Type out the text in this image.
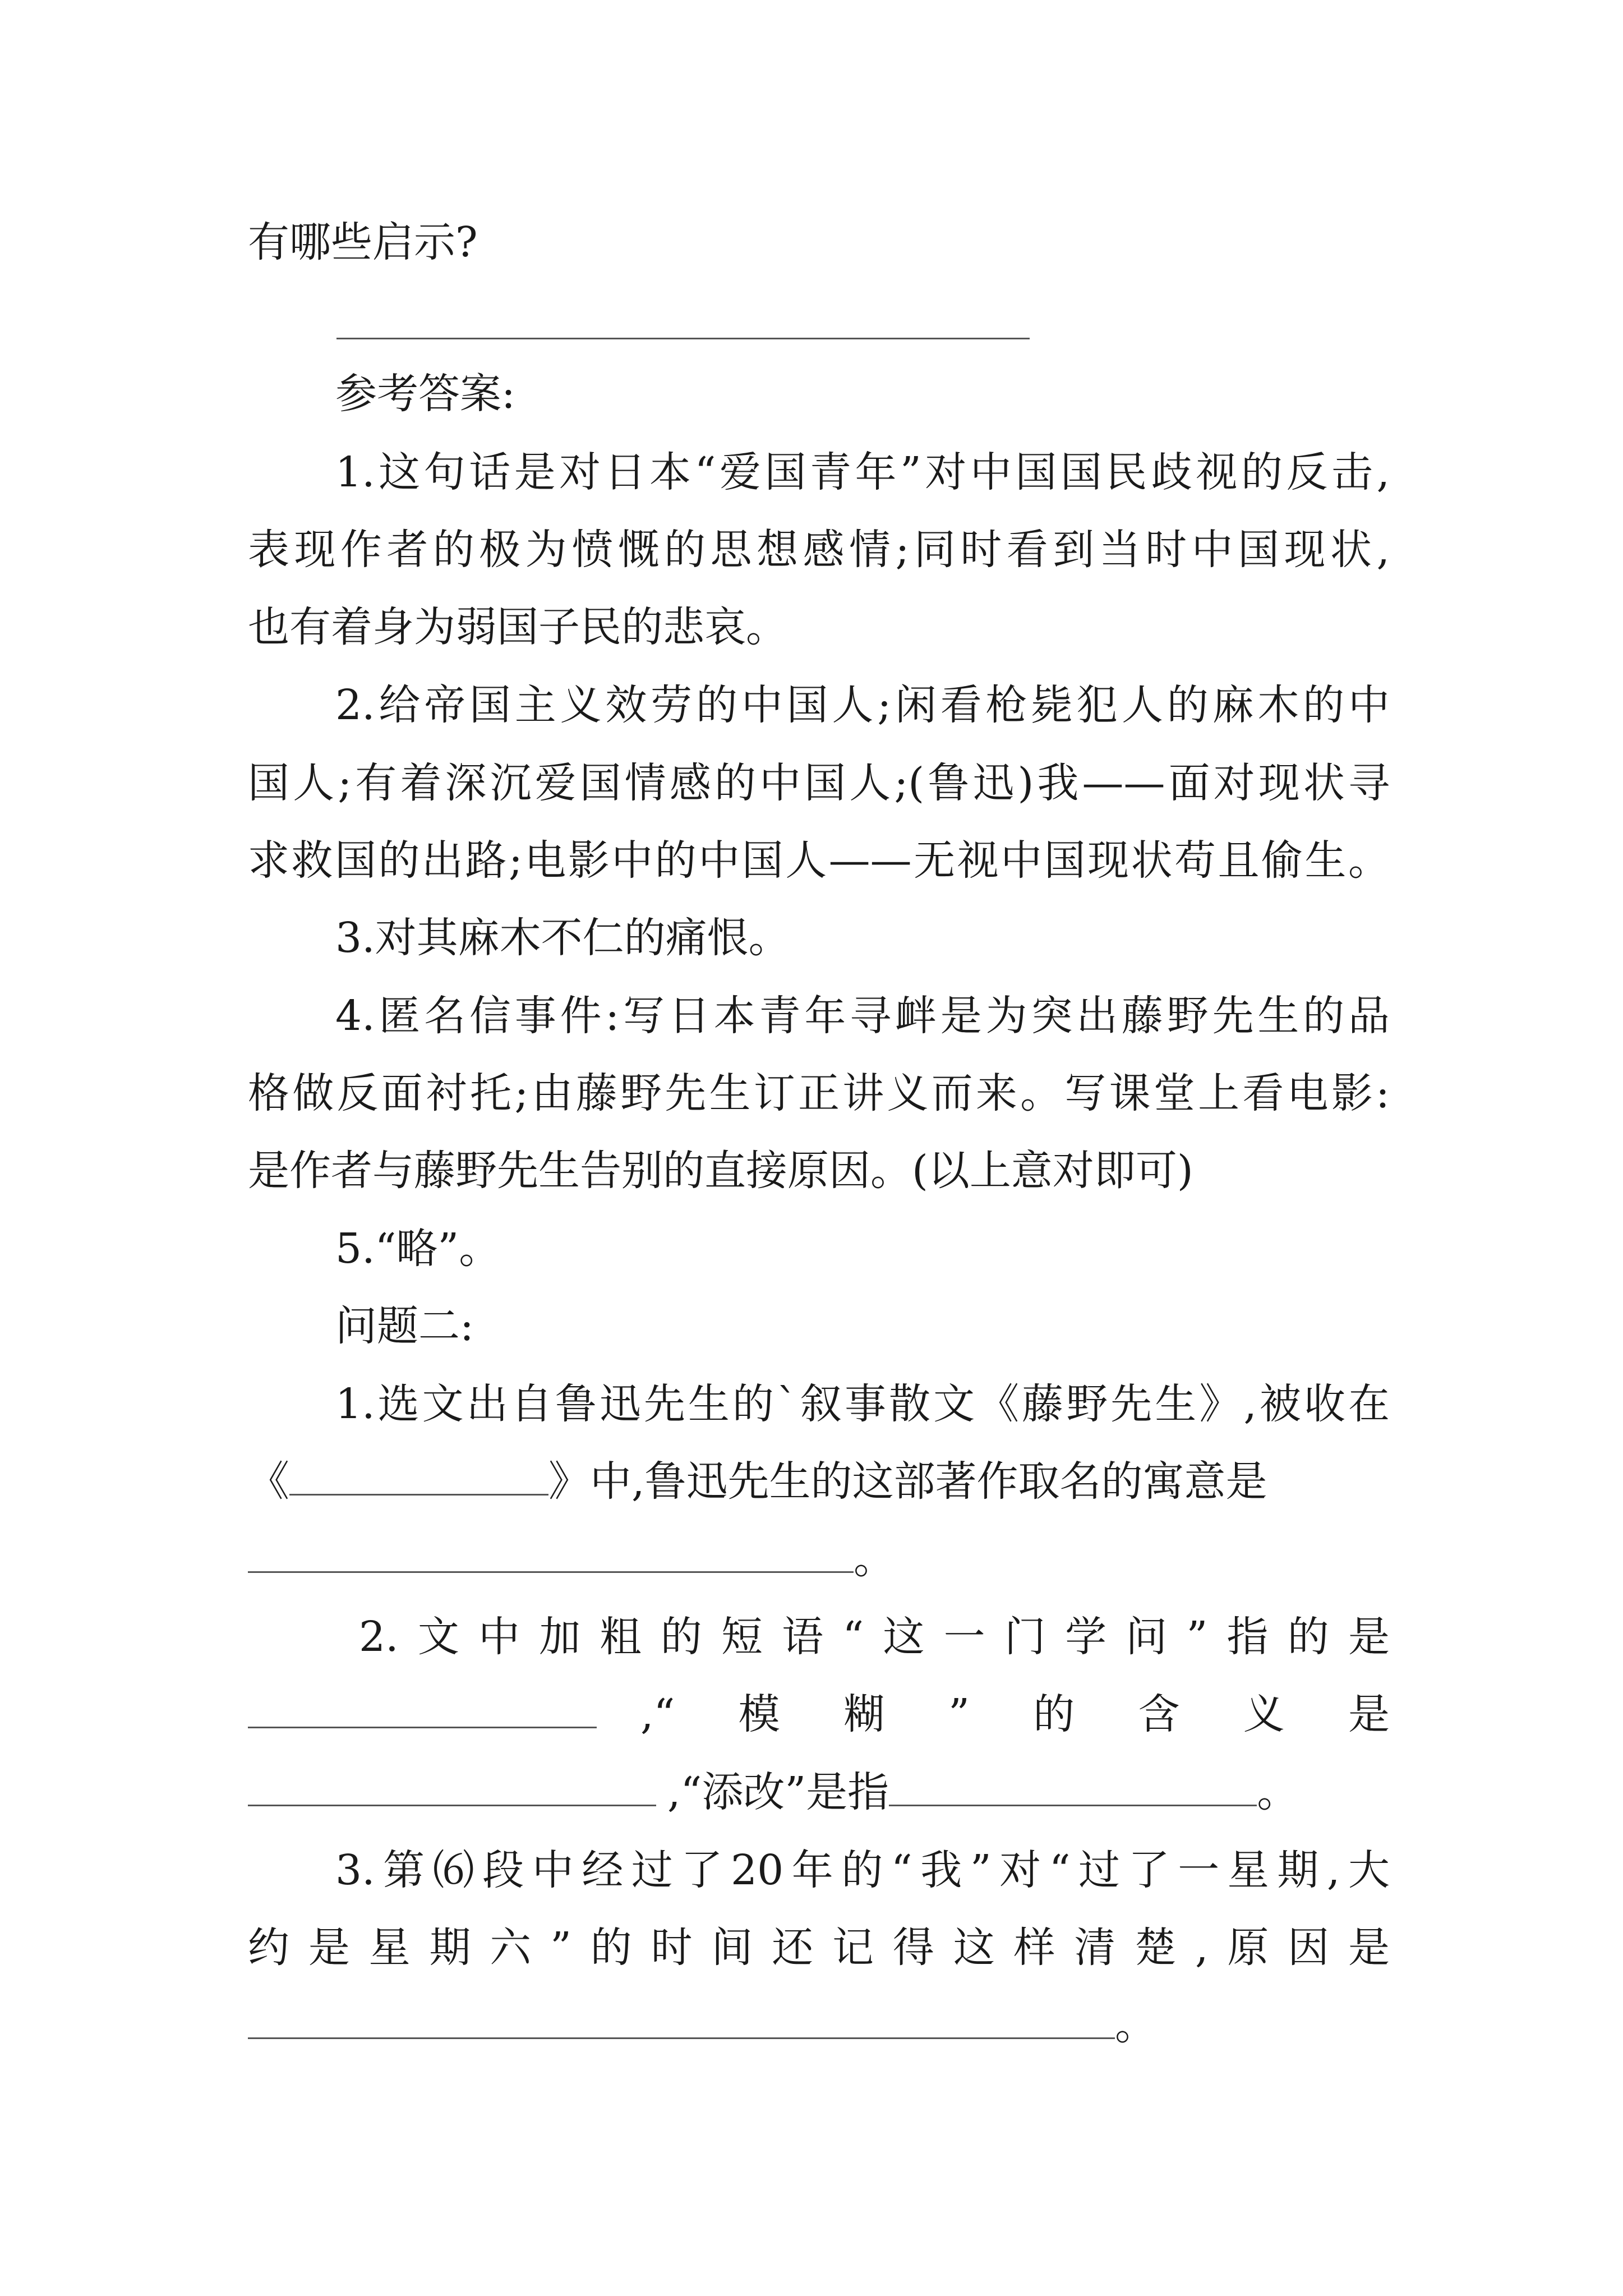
有哪些启示?
参考答案:
1.这句话是对日本“爱国青年”对中国国民歧视的反击,
表现作者的极为愤慨的思想感情;同时看到当时中国现状,
也有着身为弱国子民的悲哀。
2.给帝国主义效劳的中国人;闲看枪毙犯人的麻木的中
国人;有着深沉爱国情感的中国人;(鲁迅)我——面对现状寻
求救国的出路;电影中的中国人——无视中国现状苟且偷生。
3.对其麻木不仁的痛恨。
4.匿名信事件:写日本青年寻衅是为突出藤野先生的品
格做反面衬托;由藤野先生订正讲义而来。写课堂上看电影:
是作者与藤野先生告别的直接原因。(以上意对即可)
5.“略”。
问题二:
1.选文出自鲁迅先生的`叙事散文《藤野先生》,被收在
《	》中,鲁迅先生的这部著作取名的寓意是
。
2.文中加粗的短语“这一门学问”指的是
,“模糊”的含义是
,“添改”是指	。
3.第⑹段中经过了20年的“我”对“过了一星期,大
约是星期六”的时间还记得这样清楚,原因是
。
